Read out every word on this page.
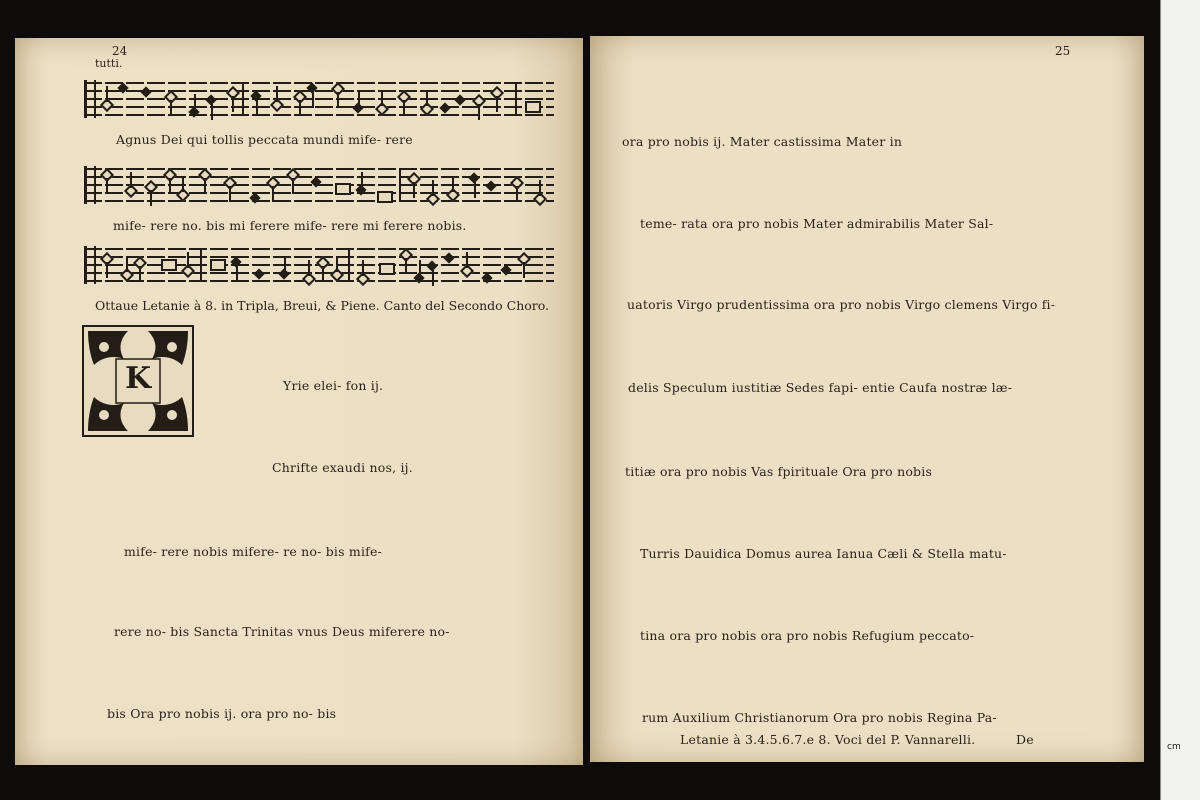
24
tutti.
25
Agnus Dei qui tollis peccata mundi mife- rere
mife- rere no. bis mi ferere mife- rere mi ferere nobis.
Ottaue Letanie à 8. in Tripla, Breui, & Piene. Canto del Secondo Choro.
K	Yrie elei- fon ij.
Chrifte exaudi nos, ij.
mife- rere nobis mifere- re no- bis mife-
rere no- bis Sancta Trinitas vnus Deus miferere no-
bis Ora pro nobis ij. ora pro no- bis
ora pro nobis ij. Mater castissima Mater in
teme- rata ora pro nobis Mater admirabilis Mater Sal-
uatoris Virgo prudentissima ora pro nobis Virgo clemens Virgo fi-
delis Speculum iustitiæ Sedes fapi- entie Caufa nostræ læ-
titiæ ora pro nobis Vas fpirituale Ora pro nobis
Turris Dauidica Domus aurea Ianua Cæli & Stella matu-
tina ora pro nobis ora pro nobis Refugium peccato-
rum Auxilium Christianorum Ora pro nobis Regina Pa-
Letanie à 3.4.5.6.7.e 8. Voci del P. Vannarelli.	De	cm
